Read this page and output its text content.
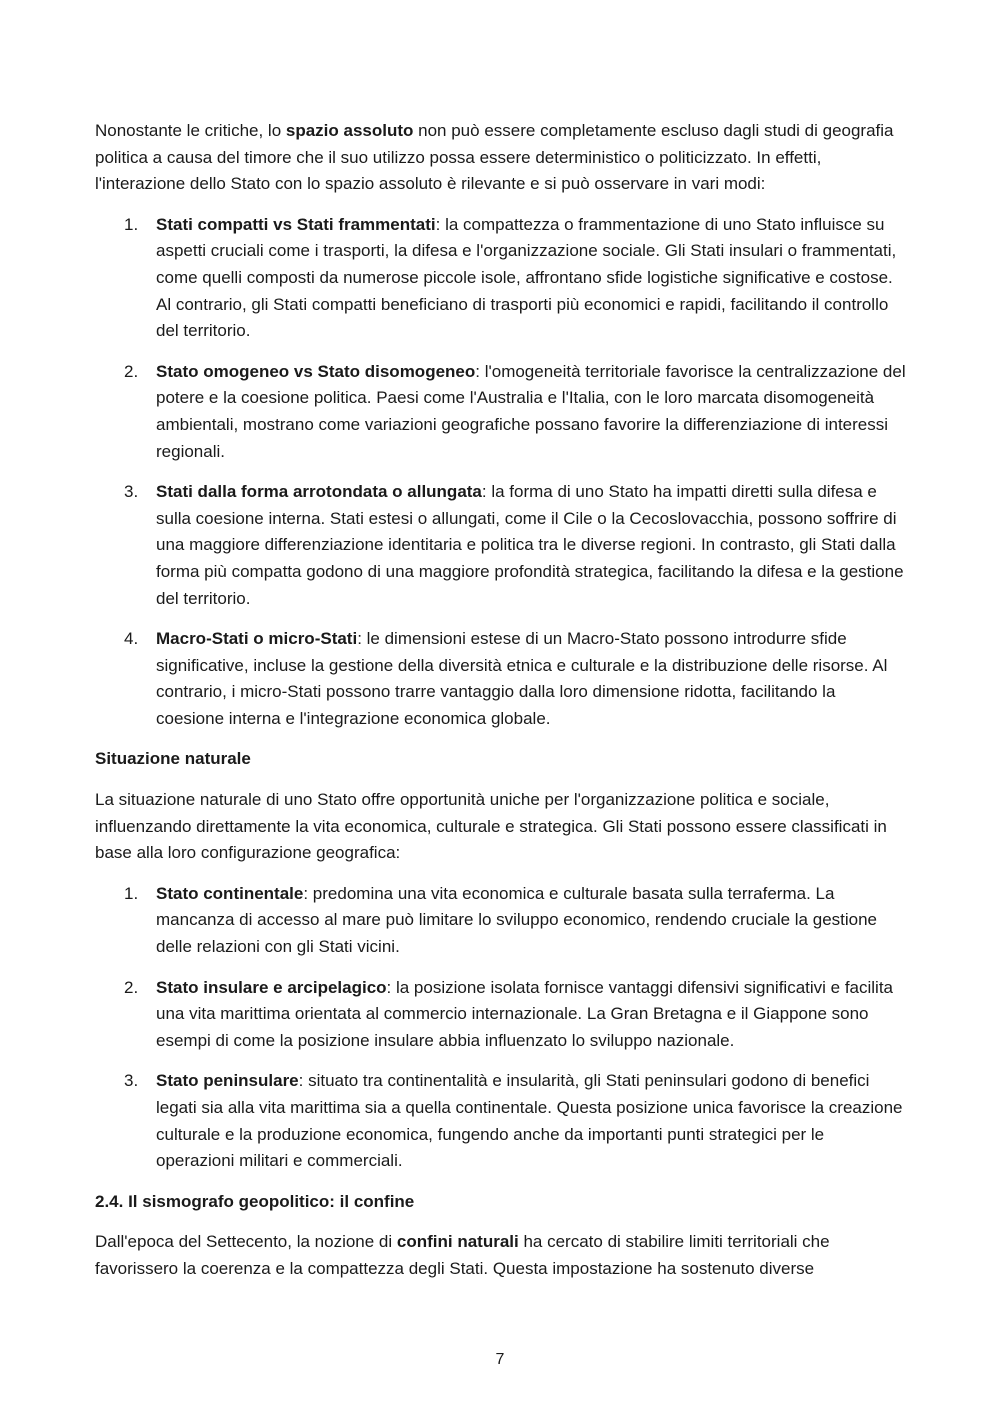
Nonostante le critiche, lo spazio assoluto non può essere completamente escluso dagli studi di geografia politica a causa del timore che il suo utilizzo possa essere deterministico o politicizzato. In effetti, l'interazione dello Stato con lo spazio assoluto è rilevante e si può osservare in vari modi:

1. Stati compatti vs Stati frammentati: la compattezza o frammentazione di uno Stato influisce su aspetti cruciali come i trasporti, la difesa e l'organizzazione sociale. Gli Stati insulari o frammentati, come quelli composti da numerose piccole isole, affrontano sfide logistiche significative e costose. Al contrario, gli Stati compatti beneficiano di trasporti più economici e rapidi, facilitando il controllo del territorio.
2. Stato omogeneo vs Stato disomogeneo: l'omogeneità territoriale favorisce la centralizzazione del potere e la coesione politica. Paesi come l'Australia e l'Italia, con le loro marcata disomogeneità ambientali, mostrano come variazioni geografiche possano favorire la differenziazione di interessi regionali.
3. Stati dalla forma arrotondata o allungata: la forma di uno Stato ha impatti diretti sulla difesa e sulla coesione interna. Stati estesi o allungati, come il Cile o la Cecoslovacchia, possono soffrire di una maggiore differenziazione identitaria e politica tra le diverse regioni. In contrasto, gli Stati dalla forma più compatta godono di una maggiore profondità strategica, facilitando la difesa e la gestione del territorio.
4. Macro-Stati o micro-Stati: le dimensioni estese di un Macro-Stato possono introdurre sfide significative, incluse la gestione della diversità etnica e culturale e la distribuzione delle risorse. Al contrario, i micro-Stati possono trarre vantaggio dalla loro dimensione ridotta, facilitando la coesione interna e l'integrazione economica globale.

Situazione naturale

La situazione naturale di uno Stato offre opportunità uniche per l'organizzazione politica e sociale, influenzando direttamente la vita economica, culturale e strategica. Gli Stati possono essere classificati in base alla loro configurazione geografica:

1. Stato continentale: predomina una vita economica e culturale basata sulla terraferma. La mancanza di accesso al mare può limitare lo sviluppo economico, rendendo cruciale la gestione delle relazioni con gli Stati vicini.
2. Stato insulare e arcipelagico: la posizione isolata fornisce vantaggi difensivi significativi e facilita una vita marittima orientata al commercio internazionale. La Gran Bretagna e il Giappone sono esempi di come la posizione insulare abbia influenzato lo sviluppo nazionale.
3. Stato peninsulare: situato tra continentalità e insularità, gli Stati peninsulari godono di benefici legati sia alla vita marittima sia a quella continentale. Questa posizione unica favorisce la creazione culturale e la produzione economica, fungendo anche da importanti punti strategici per le operazioni militari e commerciali.

2.4. Il sismografo geopolitico: il confine

Dall'epoca del Settecento, la nozione di confini naturali ha cercato di stabilire limiti territoriali che favorissero la coerenza e la compattezza degli Stati. Questa impostazione ha sostenuto diverse

7
